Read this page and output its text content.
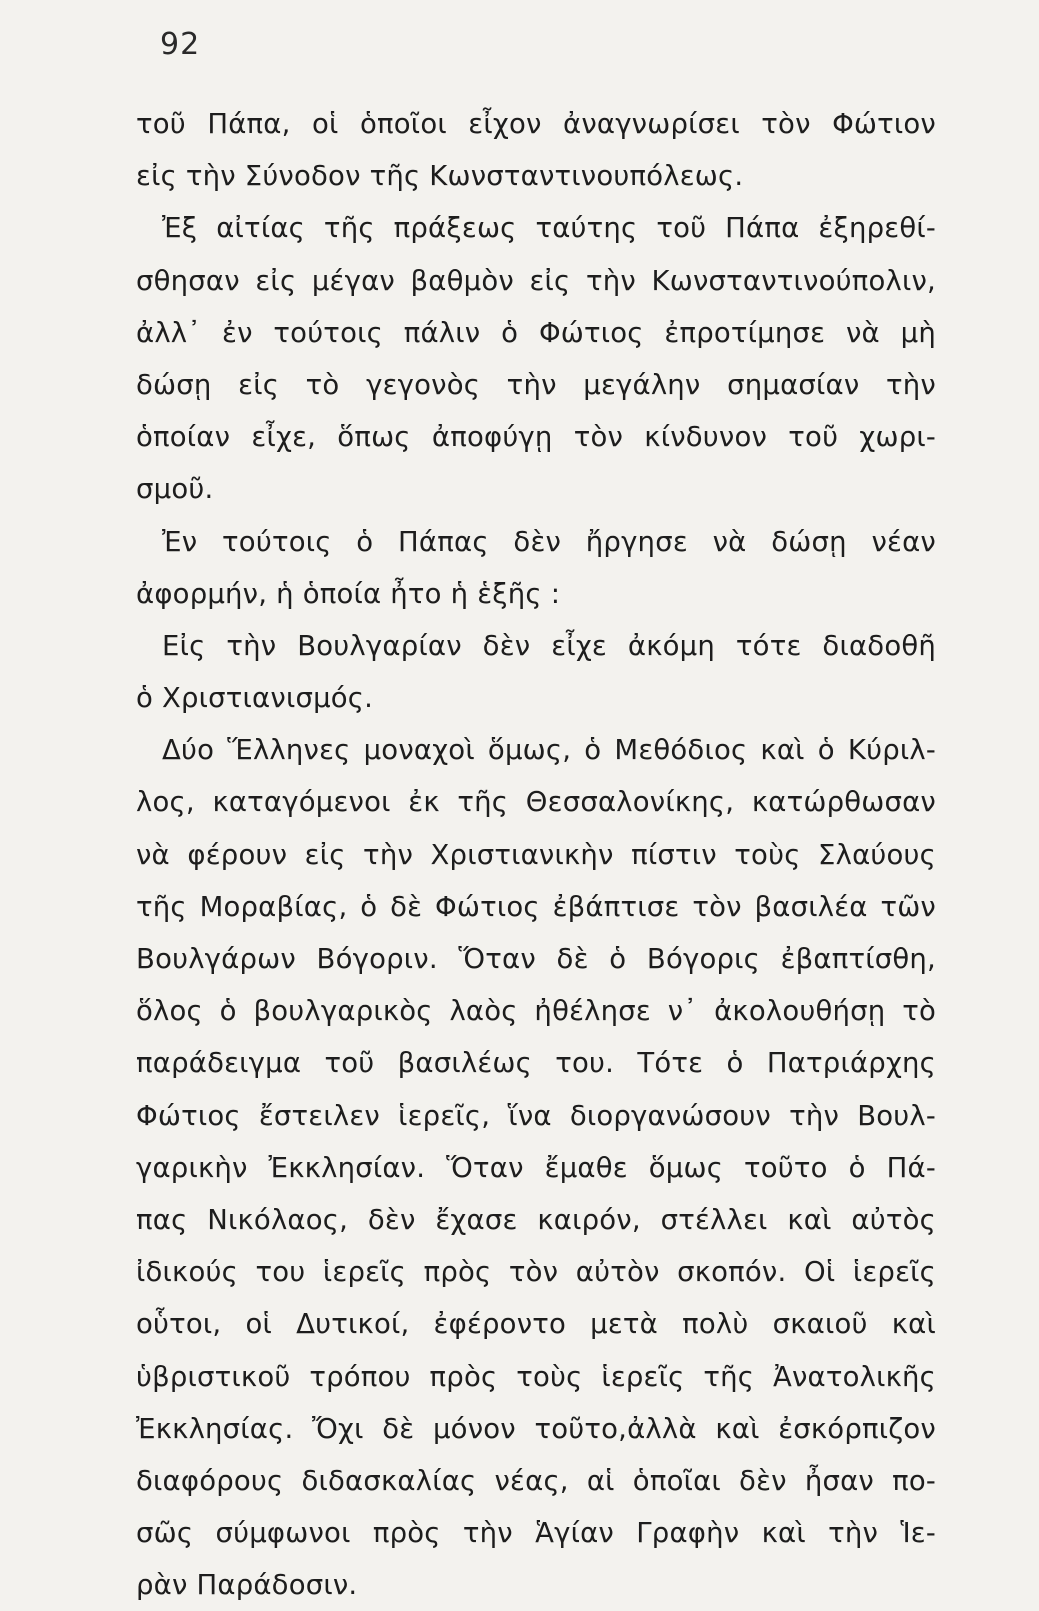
92
τοῦ Πάπα, οἱ ὁποῖοι εἶχον ἀναγνωρίσει τὸν Φώτιον
εἰς τὴν Σύνοδον τῆς Κωνσταντινουπόλεως.
Ἐξ αἰτίας τῆς πράξεως ταύτης τοῦ Πάπα ἐξηρεθί-
σθησαν εἰς μέγαν βαθμὸν εἰς τὴν Κωνσταντινούπολιν,
ἀλλ᾽ ἐν τούτοις πάλιν ὁ Φώτιος ἐπροτίμησε νὰ μὴ
δώσῃ εἰς τὸ γεγονὸς τὴν μεγάλην σημασίαν τὴν
ὁποίαν εἶχε, ὅπως ἀποφύγῃ τὸν κίνδυνον τοῦ χωρι-
σμοῦ.
Ἐν τούτοις ὁ Πάπας δὲν ἤργησε νὰ δώσῃ νέαν
ἀφορμήν, ἡ ὁποία ἦτο ἡ ἑξῆς :
Εἰς τὴν Βουλγαρίαν δὲν εἶχε ἀκόμη τότε διαδοθῆ
ὁ Χριστιανισμός.
Δύο Ἕλληνες μοναχοὶ ὅμως, ὁ Μεθόδιος καὶ ὁ Κύριλ-
λος, καταγόμενοι ἐκ τῆς Θεσσαλονίκης, κατώρθωσαν
νὰ φέρουν εἰς τὴν Χριστιανικὴν πίστιν τοὺς Σλαύους
τῆς Μοραβίας, ὁ δὲ Φώτιος ἐβάπτισε τὸν βασιλέα τῶν
Βουλγάρων Βόγοριν. Ὅταν δὲ ὁ Βόγορις ἐβαπτίσθη,
ὅλος ὁ βουλγαρικὸς λαὸς ἠθέλησε ν᾽ ἀκολουθήσῃ τὸ
παράδειγμα τοῦ βασιλέως του. Τότε ὁ Πατριάρχης
Φώτιος ἔστειλεν ἱερεῖς, ἵνα διοργανώσουν τὴν Βουλ-
γαρικὴν Ἐκκλησίαν. Ὅταν ἔμαθε ὅμως τοῦτο ὁ Πά-
πας Νικόλαος, δὲν ἔχασε καιρόν, στέλλει καὶ αὐτὸς
ἰδικούς του ἱερεῖς πρὸς τὸν αὐτὸν σκοπόν. Οἱ ἱερεῖς
οὗτοι, οἱ Δυτικοί, ἐφέροντο μετὰ πολὺ σκαιοῦ καὶ
ὑβριστικοῦ τρόπου πρὸς τοὺς ἱερεῖς τῆς Ἀνατολικῆς
Ἐκκλησίας. Ὄχι δὲ μόνον τοῦτο,ἀλλὰ καὶ ἐσκόρπιζον
διαφόρους διδασκαλίας νέας, αἱ ὁποῖαι δὲν ἦσαν πο-
σῶς σύμφωνοι πρὸς τὴν Ἁγίαν Γραφὴν καὶ τὴν Ἱε-
ρὰν Παράδοσιν.
